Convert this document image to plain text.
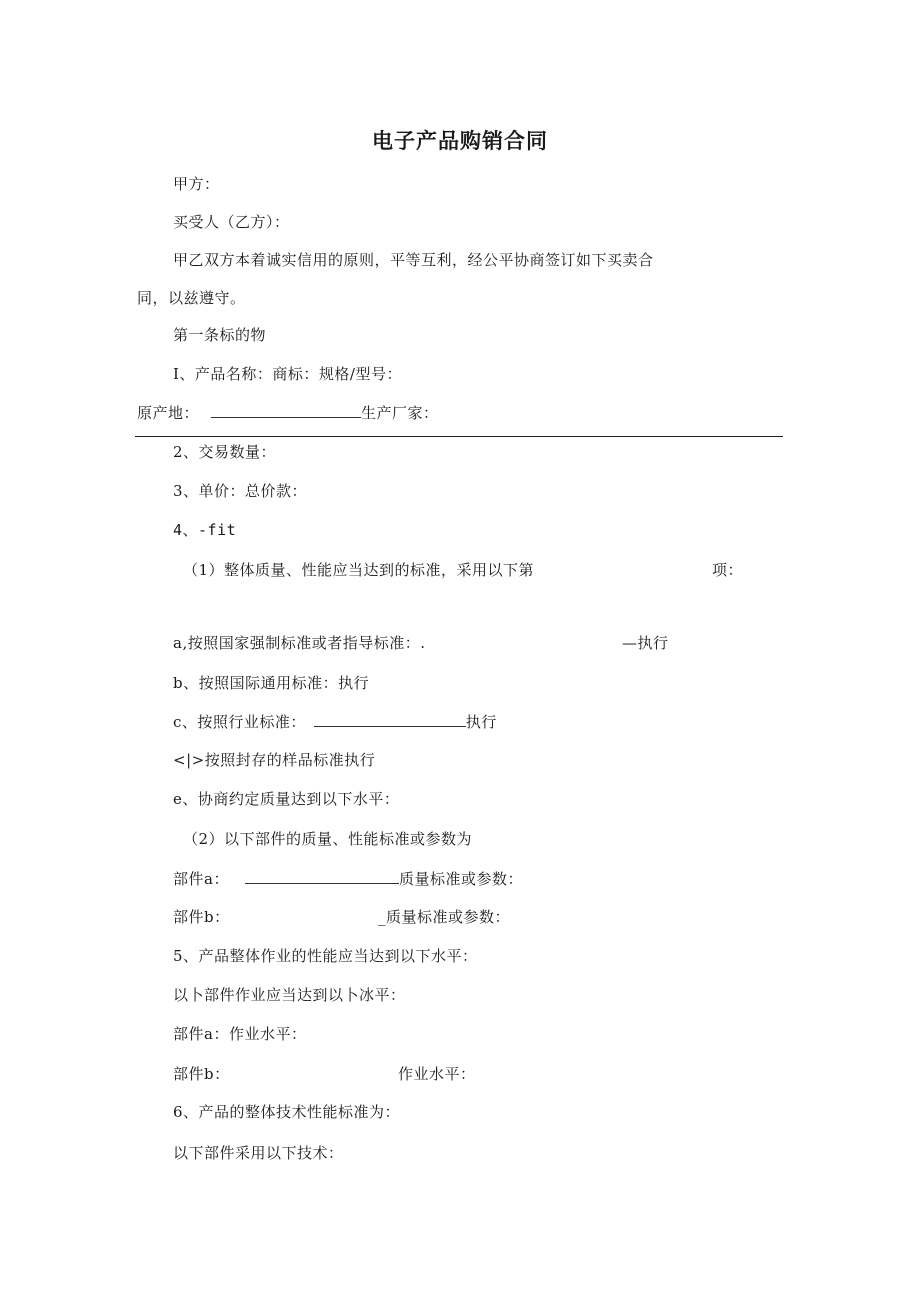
电子产品购销合同
甲方：
买受人（乙方）：
甲乙双方本着诚实信用的原则，平等互利，经公平协商签订如下买卖合
同，以兹遵守。
第一条标的物
I、产品名称：商标：规格/型号：
原产地：	生产厂家：
2、交易数量：
3、单价：总价款：
4、-fit
（1）整体质量、性能应当达到的标准，采用以下第	项：
a,按照国家强制标准或者指导标准：.	—执行
b、按照国际通用标准：执行
c、按照行业标准：	执行
<|>按照封存的样品标准执行
e、协商约定质量达到以下水平：
（2）以下部件的质量、性能标准或参数为
部件a：	质量标准或参数：
部件b：	_质量标准或参数：
5、产品整体作业的性能应当达到以下水平：
以卜部件作业应当达到以卜冰平：
部件a：作业水平：
部件b：	作业水平：
6、产品的整体技术性能标准为：
以下部件采用以下技术：
